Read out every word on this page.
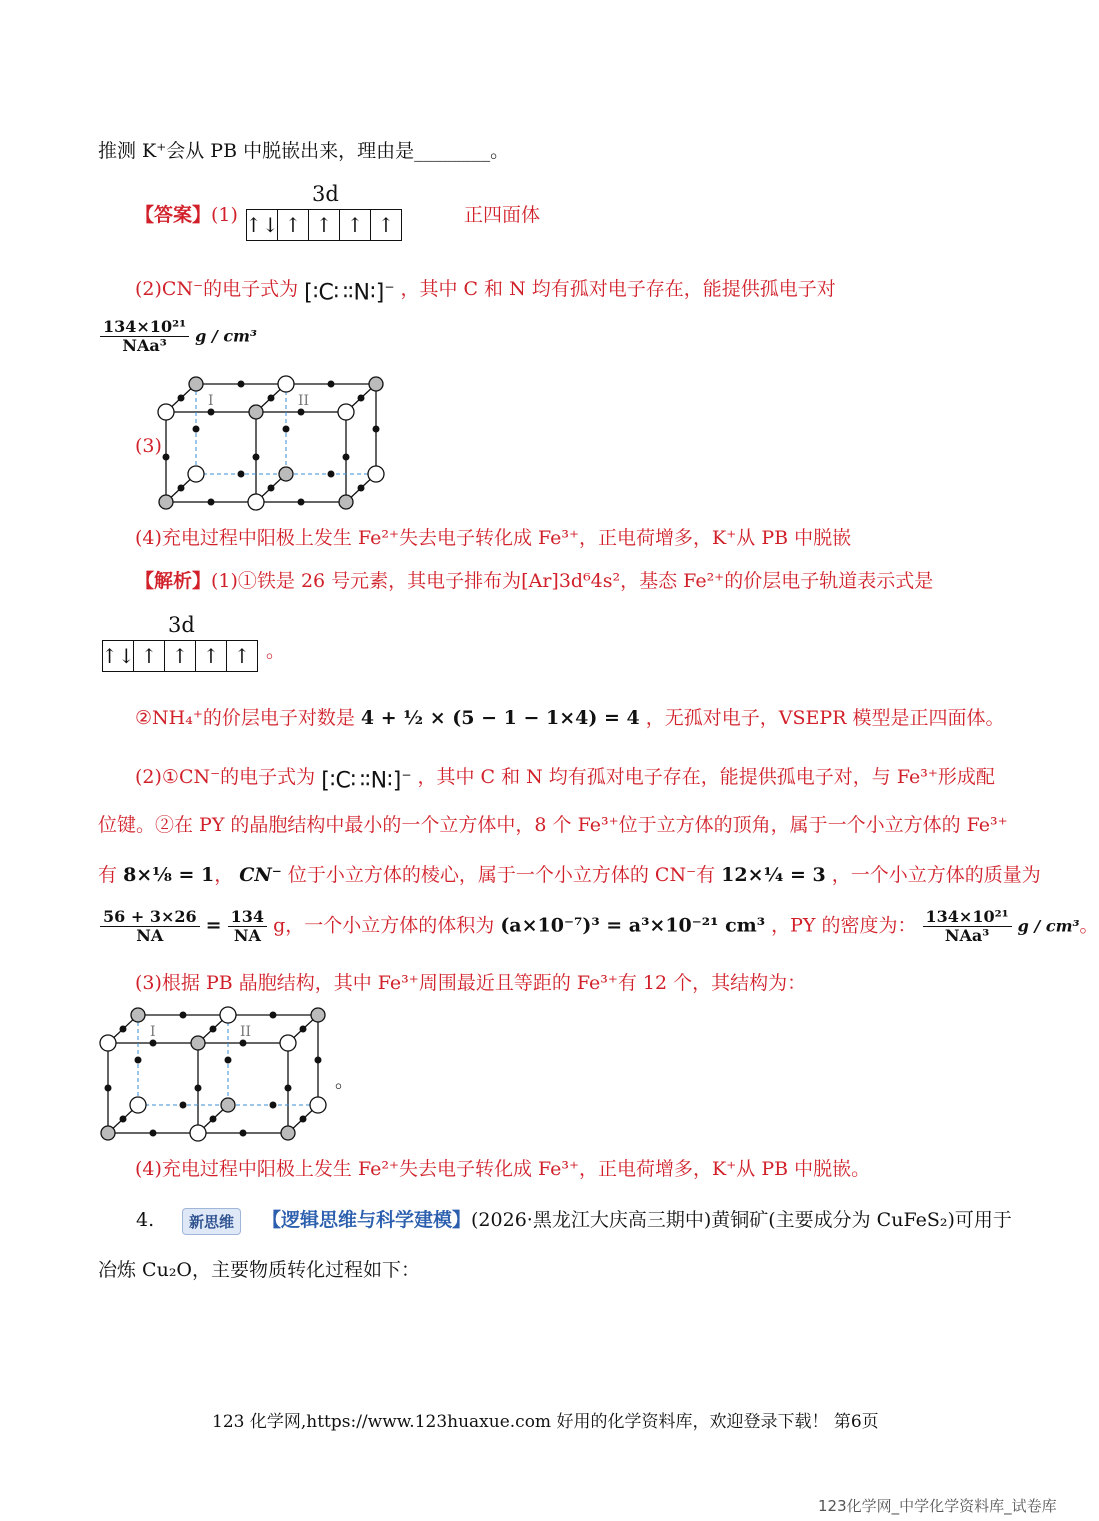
推测 K⁺会从 PB 中脱嵌出来，理由是________。
【答案】(1)
3d
↑↓ ↑ ↑ ↑ ↑	正四面体
(2)CN⁻的电子式为 [∶C∷∶N∶]− ，其中 C 和 N 均有孤对电子存在，能提供孤电子对
$\frac{\text{134×10²¹}}{\text{NAa³}}$ g / cm³
(3)
I	II
(4)充电过程中阳极上发生 Fe²⁺失去电子转化成 Fe³⁺，正电荷增多，K⁺从 PB 中脱嵌
【解析】(1)①铁是 26 号元素，其电子排布为[Ar]3d⁶4s²，基态 Fe²⁺的价层电子轨道表示式是
3d
↑↓ ↑ ↑ ↑ ↑ 。
②NH₄⁺的价层电子对数是 4 + ½ × (5 − 1 − 1×4) = 4 ，无孤对电子，VSEPR 模型是正四面体。
(2)①CN⁻的电子式为 [∶C∷∶N∶]− ，其中 C 和 N 均有孤对电子存在，能提供孤电子对，与 Fe³⁺形成配
位键。②在 PY 的晶胞结构中最小的一个立方体中，8 个 Fe³⁺位于立方体的顶角，属于一个小立方体的 Fe³⁺
有 8×⅛ = 1， CN⁻ 位于小立方体的棱心，属于一个小立方体的 CN⁻有 12×¼ = 3 ，一个小立方体的质量为
$\frac{56 + 3\times 26}{NA} = \frac{134}{NA}$ g，一个小立方体的体积为 (a×10⁻⁷)³ = a³×10⁻²¹ cm³ ，PY 的密度为： $\frac{\text{134×10²¹}}{\text{NAa³}}$ g / cm³。
(3)根据 PB 晶胞结构，其中 Fe³⁺周围最近且等距的 Fe³⁺有 12 个，其结构为：
I	II
。
(4)充电过程中阳极上发生 Fe²⁺失去电子转化成 Fe³⁺，正电荷增多，K⁺从 PB 中脱嵌。
4.	新思维	【逻辑思维与科学建模】(2026·黑龙江大庆高三期中)黄铜矿(主要成分为 CuFeS₂)可用于
冶炼 Cu₂O，主要物质转化过程如下：
123 化学网,https://www.123huaxue.com 好用的化学资料库，欢迎登录下载！ 第6页
123化学网_中学化学资料库_试卷库
